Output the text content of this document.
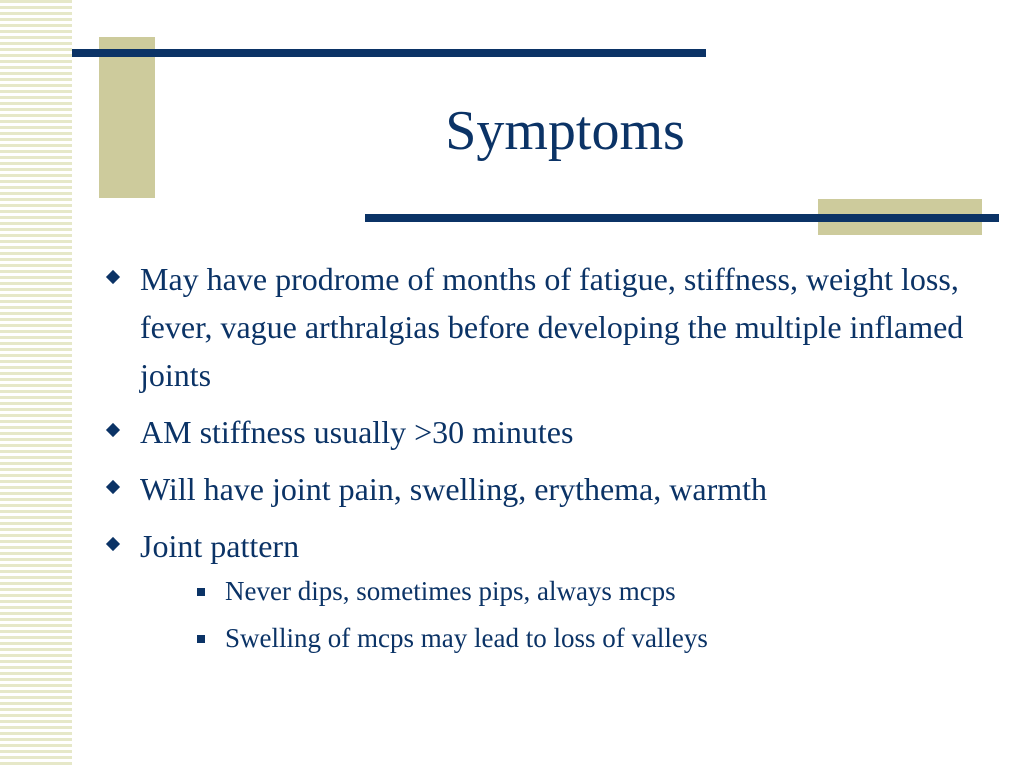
Symptoms
May have prodrome of months of fatigue, stiffness, weight loss, fever, vague arthralgias before developing the multiple inflamed joints
AM stiffness usually >30 minutes
Will have joint pain, swelling, erythema, warmth
Joint pattern
Never dips, sometimes pips, always mcps
Swelling of mcps may lead to loss of valleys
